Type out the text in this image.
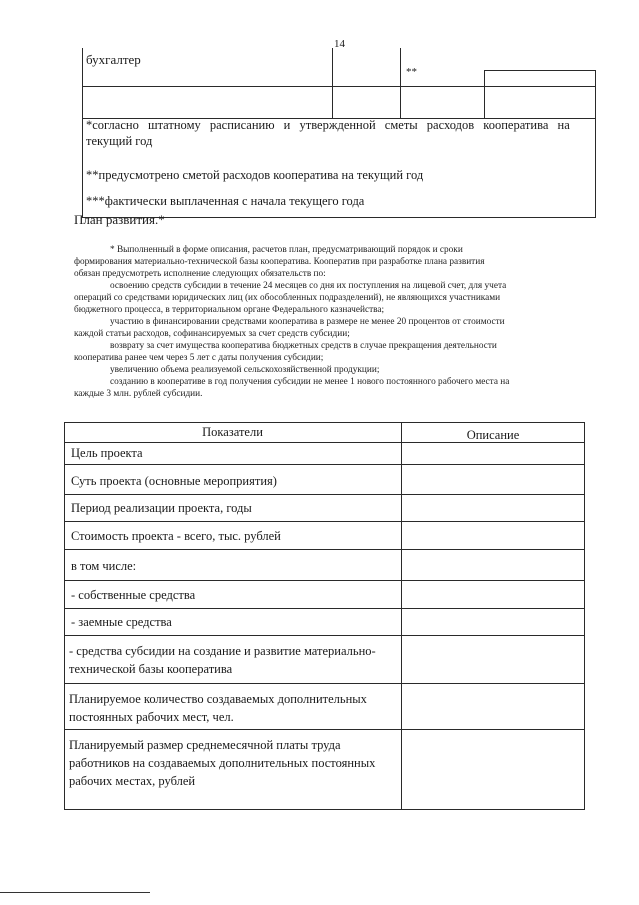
14
бухгалтер
**
*согласно штатному расписанию и утвержденной сметы расходов кооператива на
текущий год
**предусмотрено сметой расходов кооператива на текущий год
***фактически выплаченная с начала текущего года
План развития.*
* Выполненный в форме описания, расчетов план, предусматривающий порядок и сроки
формирования материально-технической базы кооператива. Кооператив при разработке плана развития
обязан предусмотреть исполнение следующих обязательств по:
освоению средств субсидии в течение 24 месяцев со дня их поступления на лицевой счет, для учета
операций со средствами юридических лиц (их обособленных подразделений), не являющихся участниками
бюджетного процесса, в территориальном органе Федерального казначейства;
участию в финансировании средствами кооператива в размере не менее 20 процентов от стоимости
каждой статьи расходов, софинансируемых за счет средств субсидии;
возврату за счет имущества кооператива бюджетных средств в случае прекращения деятельности
кооператива ранее чем через 5 лет с даты получения субсидии;
увеличению объема реализуемой сельскохозяйственной продукции;
созданию в кооперативе в год получения субсидии не менее 1 нового постоянного рабочего места на
каждые 3 млн. рублей субсидии.
Показатели	Описание
Цель проекта
Суть проекта (основные мероприятия)
Период реализации проекта, годы
Стоимость проекта - всего, тыс. рублей
в том числе:
- собственные средства
- заемные средства
- средства субсидии на создание и развитие материально-технической базы кооператива
Планируемое количество создаваемых дополнительных постоянных рабочих мест, чел.
Планируемый размер среднемесячной платы труда работников на создаваемых дополнительных постоянных рабочих местах, рублей
